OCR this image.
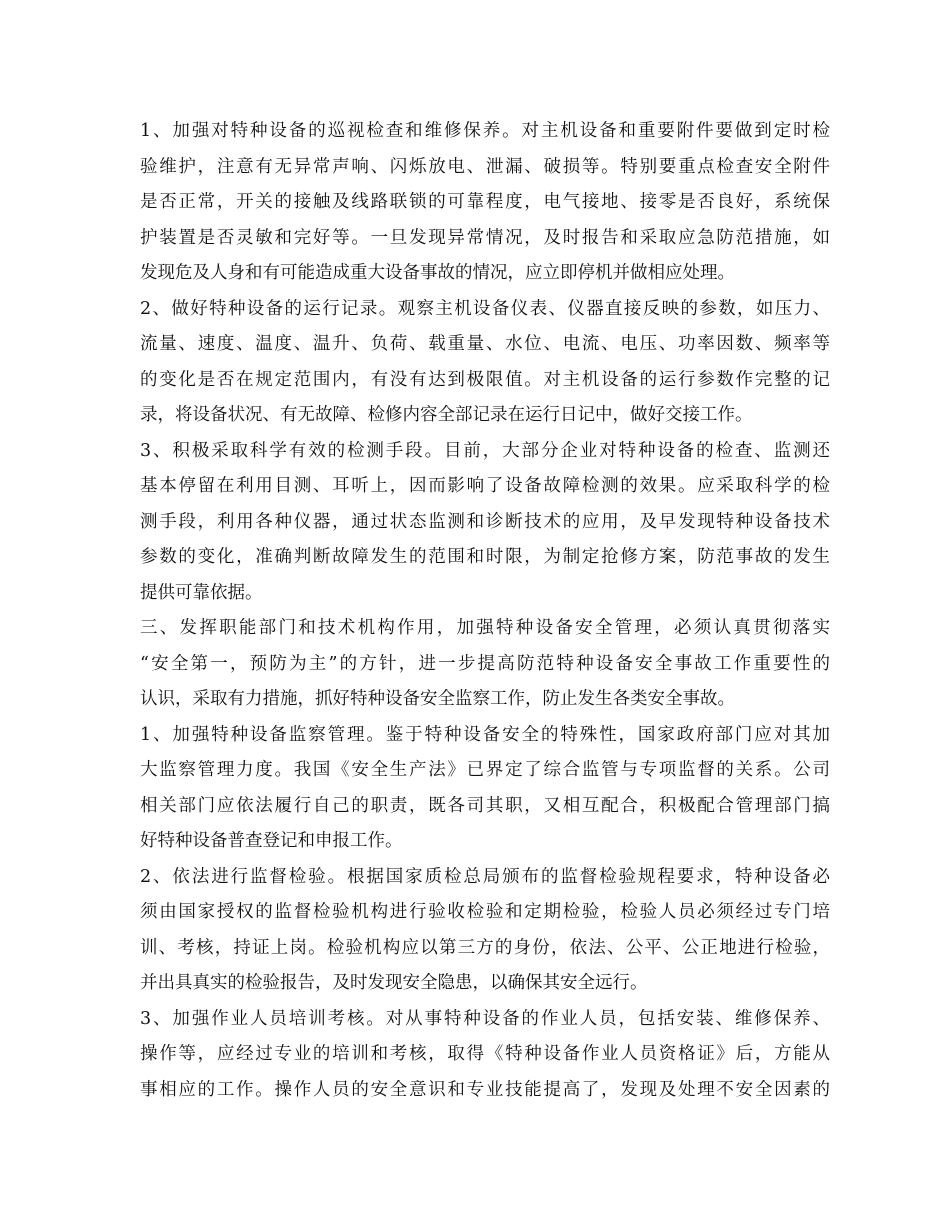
1、加强对特种设备的巡视检查和维修保养。对主机设备和重要附件要做到定时检
验维护，注意有无异常声响、闪烁放电、泄漏、破损等。特别要重点检查安全附件
是否正常，开关的接触及线路联锁的可靠程度，电气接地、接零是否良好，系统保
护装置是否灵敏和完好等。一旦发现异常情况，及时报告和采取应急防范措施，如
发现危及人身和有可能造成重大设备事故的情况，应立即停机并做相应处理。
2、做好特种设备的运行记录。观察主机设备仪表、仪器直接反映的参数，如压力、
流量、速度、温度、温升、负荷、载重量、水位、电流、电压、功率因数、频率等
的变化是否在规定范围内，有没有达到极限值。对主机设备的运行参数作完整的记
录，将设备状况、有无故障、检修内容全部记录在运行日记中，做好交接工作。
3、积极采取科学有效的检测手段。目前，大部分企业对特种设备的检查、监测还
基本停留在利用目测、耳听上，因而影响了设备故障检测的效果。应采取科学的检
测手段，利用各种仪器，通过状态监测和诊断技术的应用，及早发现特种设备技术
参数的变化，准确判断故障发生的范围和时限，为制定抢修方案，防范事故的发生
提供可靠依据。
三、发挥职能部门和技术机构作用，加强特种设备安全管理，必须认真贯彻落实
“安全第一，预防为主”的方针，进一步提高防范特种设备安全事故工作重要性的
认识，采取有力措施，抓好特种设备安全监察工作，防止发生各类安全事故。
1、加强特种设备监察管理。鉴于特种设备安全的特殊性，国家政府部门应对其加
大监察管理力度。我国《安全生产法》已界定了综合监管与专项监督的关系。公司
相关部门应依法履行自己的职责，既各司其职，又相互配合，积极配合管理部门搞
好特种设备普查登记和申报工作。
2、依法进行监督检验。根据国家质检总局颁布的监督检验规程要求，特种设备必
须由国家授权的监督检验机构进行验收检验和定期检验，检验人员必须经过专门培
训、考核，持证上岗。检验机构应以第三方的身份，依法、公平、公正地进行检验，
并出具真实的检验报告，及时发现安全隐患，以确保其安全远行。
3、加强作业人员培训考核。对从事特种设备的作业人员，包括安装、维修保养、
操作等，应经过专业的培训和考核，取得《特种设备作业人员资格证》后，方能从
事相应的工作。操作人员的安全意识和专业技能提高了，发现及处理不安全因素的
